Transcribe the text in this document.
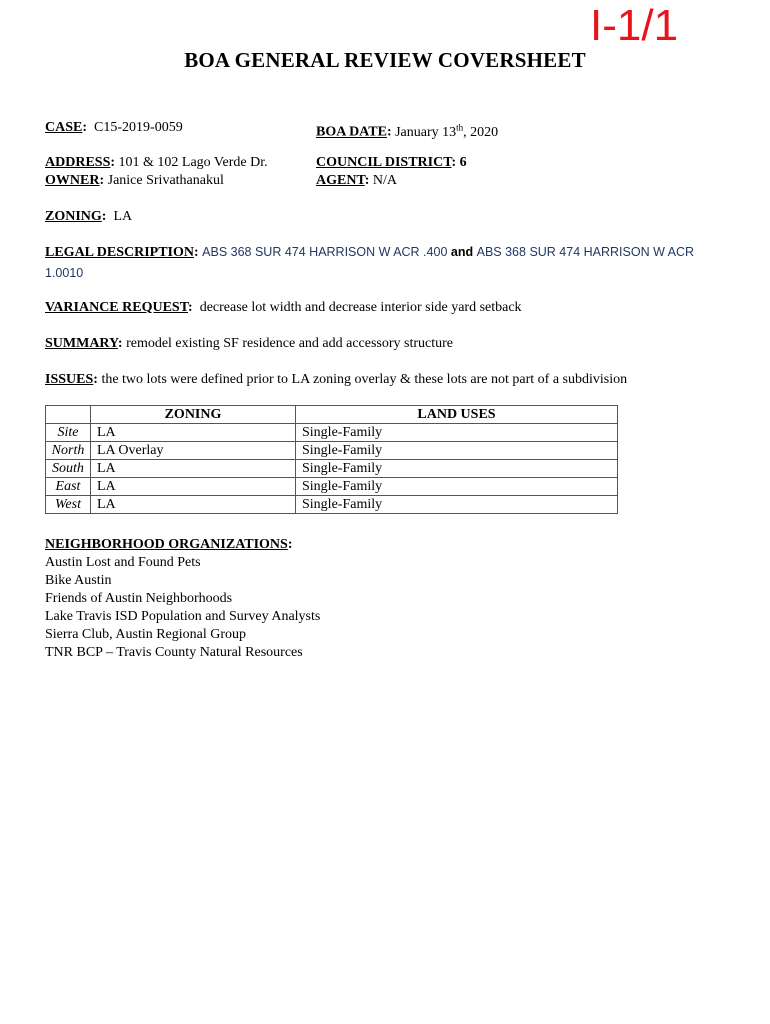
I-1/1
BOA GENERAL REVIEW COVERSHEET
CASE: C15-2019-0059	BOA DATE: January 13th, 2020
ADDRESS: 101 & 102 Lago Verde Dr.	COUNCIL DISTRICT: 6
OWNER: Janice Srivathanakul	AGENT: N/A
ZONING: LA
LEGAL DESCRIPTION: ABS 368 SUR 474 HARRISON W ACR .400 and ABS 368 SUR 474 HARRISON W ACR 1.0010
VARIANCE REQUEST: decrease lot width and decrease interior side yard setback
SUMMARY: remodel existing SF residence and add accessory structure
ISSUES: the two lots were defined prior to LA zoning overlay & these lots are not part of a subdivision
	ZONING	LAND USES
Site	LA	Single-Family
North	LA Overlay	Single-Family
South	LA	Single-Family
East	LA	Single-Family
West	LA	Single-Family
NEIGHBORHOOD ORGANIZATIONS:
Austin Lost and Found Pets
Bike Austin
Friends of Austin Neighborhoods
Lake Travis ISD Population and Survey Analysts
Sierra Club, Austin Regional Group
TNR BCP – Travis County Natural Resources
